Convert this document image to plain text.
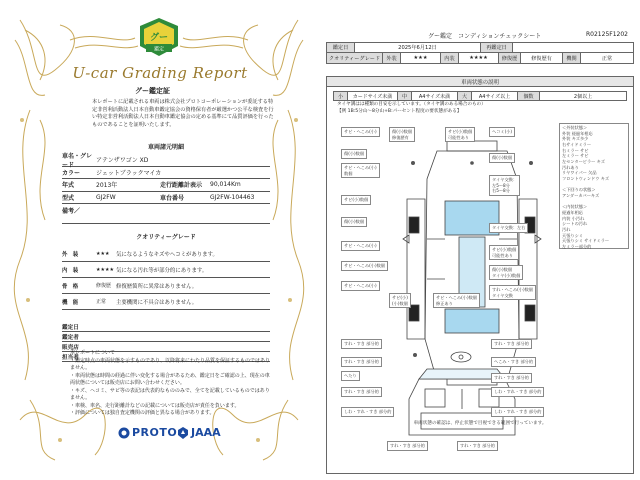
グー
鑑定
U-car Grading Report
グー鑑定証
本レポートに記載される車両は株式会社プロトコーポレーションが委託する特定非営利活動法人日本自動車鑑定協会の資格保有者が厳選かつ公平な検査を行い特定非営利活動法人日本自動車鑑定協会の定める基準にて品質評価を行ったものであることを証明いたします。
車両諸元明細
車名・グレード
アテンザワゴン XD
カラー	ジェットブラックマイカ
年式	2013年	走行距離計表示	90,014Km
型式	GJ2FW	車台番号	GJ2FW-104463
備考／
クオリティーグレード
外　装	★★★	気になるようなキズやヘコミがあります。
内　装	★★★★ 気になる汚れ等が部分的にあります。
骨　格	修復歴 修復歴箇所に異常はありません。
機　能	正常	主要機関に不具合はありません。
鑑定日
鑑定者
販売店
担当者
本レポートについて
・鑑定時点の車両状態を示すものであり、以降将来にわたり品質を保証するものではありません。
・車両状態は時間の経過に伴い変化する場合があるため、鑑定日をご確認の上、現在の車両状態については販売店にお問い合わせください。
・キズ、ヘコミ、サビ等の表記は代表的なもののみで、全てを記載しているものではありません。
・車検、車名、走行距離計などの記載については販売店が責任を負います。
・評価については独自査定機関の評価と異なる場合があります。
PROTO JAAA
グー鑑定　コンディションチェックシート	R02125F1202
鑑定日	2025年6月12日	再鑑定日
クオリティーグレード	外装	★★★	内装	★★★★	修復歴	修復歴有	機関	正常
車両状態の説明
小	カードサイズ未満	中	A4サイズ未満	大	A4サイズ以上	個数	2個以上
タイヤ溝はは種類の目安を示しています。（タイヤ溝のある場合のもの）
【例 1B:5分山～8分山+B:パーセント程度の要状態がある】
サビ・へこみ(小)	傷(小)数個
修復歴有
サビ(小)数個
可能性あり
ヘコミ(小)
傷(小)数個
傷(小)数個
サビ・へこみ(小)
数個
タイヤ交換：
左5～8分
右5～8分
サビ(小)数個
傷(小)数個
タイヤ交換：左右
サビ・へこみ(小)
サビ(小)数個
可能性あり
サビ・へこみ(小)数個
傷(小)数個
タイヤ(小)数個
サビ・へこみ(小)
サビ(小)
(小)数個
サビ・へこみ(小)数個
修正あり
すれ・へこみ(小)数個
タイヤ交換
＜外装状態＞
外装 経過年相応
外装 キズ多少
右サイドミラー
右ミラー サビ
左ミラー サビ
左センターピラー キズ
汚れあり
リヤワイパー 欠品
フロントウィンドウ キズ

＜下回りの状態＞
アンダーカバーキズ

＜内装状態＞
経過年相応
内装 小汚れ
シートの汚れ
汚れ
天張りシミ
天張りシミ サイドミラー
左ミラー部分的
すれ・すき 部分的	すれ・すき 部分的
すれ・すき 部分的	へこみ・すき 部分的
へたり	すれ・すき 部分的
すれ・すき 部分的	しわ・すれ・すき 部分的
しわ・すれ・すき 部分的	しわ・すれ・すき 部分的
すれ・すき 部分的	すれ・すき 部分的
車両状態の確認は、停止状態で目視できる範囲で行っています。
